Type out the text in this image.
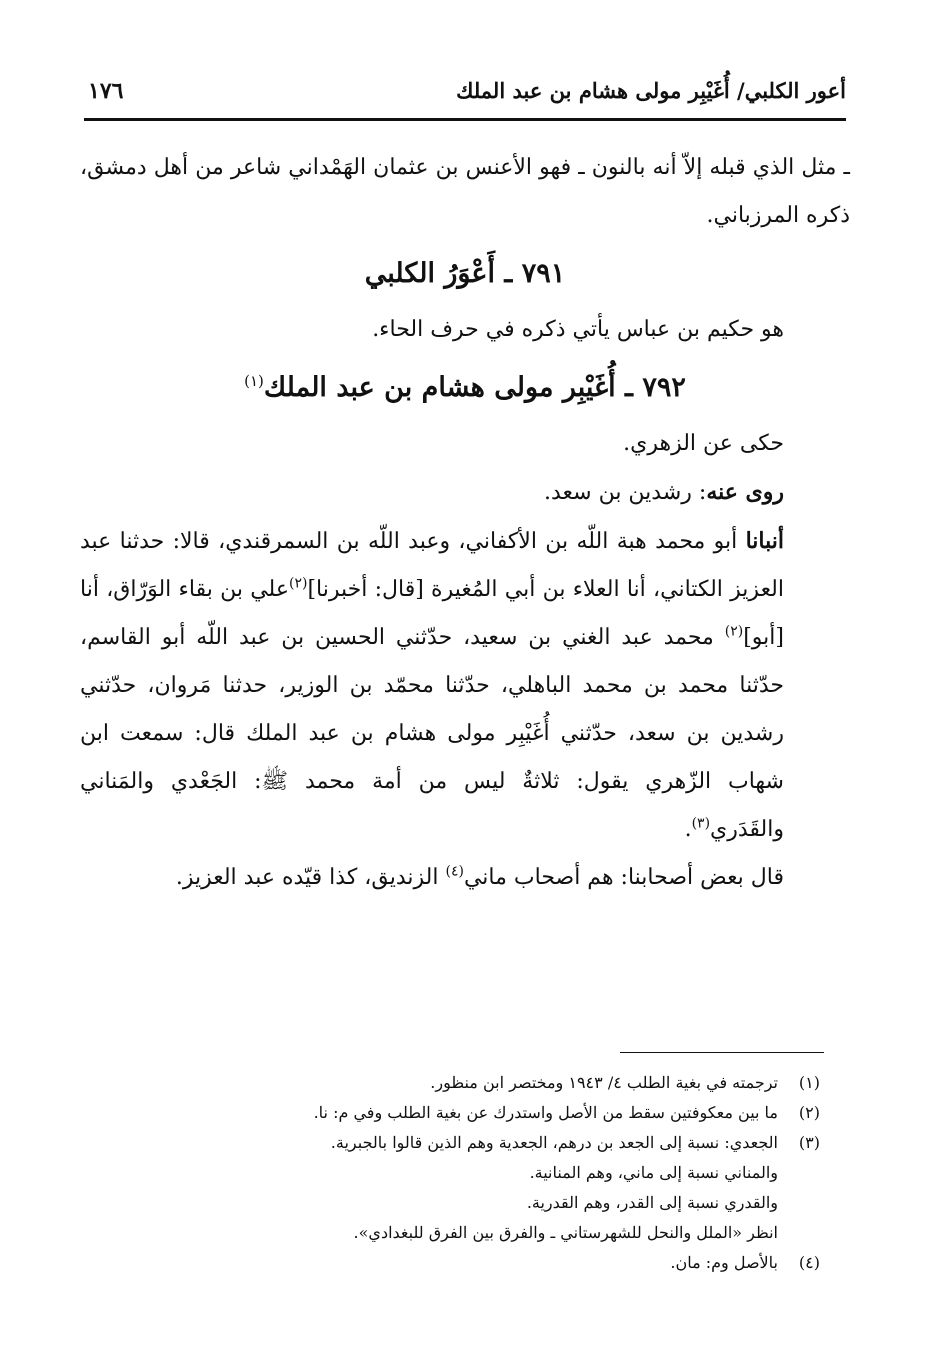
أعور الكلبي/ أُغَيْبِر مولى هشام بن عبد الملك
١٧٦

ـ مثل الذي قبله إلاّ أنه بالنون ـ فهو الأعنس بن عثمان الهَمْداني شاعر من أهل دمشق، ذكره المرزباني.

٧٩١ ـ أَعْوَرُ الكلبي

هو حكيم بن عباس يأتي ذكره في حرف الحاء.

٧٩٢ ـ أُغَيْبِر مولى هشام بن عبد الملك$^{(١)}$

حكى عن الزهري.

روى عنه: رشدين بن سعد.

أنبانا أبو محمد هبة اللّه بن الأكفاني، وعبد اللّه بن السمرقندي، قالا: حدثنا عبد العزيز الكتاني، أنا العلاء بن أبي المُغيرة [قال: أخبرنا]$^{(٢)}$علي بن بقاء الوَرّاق، أنا [أبو]$^{(٢)}$ محمد عبد الغني بن سعيد، حدّثني الحسين بن عبد اللّه أبو القاسم، حدّثنا محمد بن محمد الباهلي، حدّثنا محمّد بن الوزير، حدثنا مَروان، حدّثني رشدين بن سعد، حدّثني أُغَيْبِر مولى هشام بن عبد الملك قال: سمعت ابن شهاب الزّهري يقول: ثلاثةٌ ليس من أمة محمد ﷺ: الجَعْدي والمَناني والقَدَري$^{(٣)}$.

قال بعض أصحابنا: هم أصحاب ماني$^{(٤)}$ الزنديق، كذا قيّده عبد العزيز.

(١)
ترجمته في بغية الطلب ٤/ ١٩٤٣ ومختصر ابن منظور.
(٢)
ما بين معكوفتين سقط من الأصل واستدرك عن بغية الطلب وفي م: نا.
(٣)
الجعدي: نسبة إلى الجعد بن درهم، الجعدية وهم الذين قالوا بالجبرية.
والمناني نسبة إلى ماني، وهم المنانية.
والقدري نسبة إلى القدر، وهم القدرية.
انظر «الملل والنحل للشهرستاني ـ والفرق بين الفرق للبغدادي».
(٤)
بالأصل وم: مان.
